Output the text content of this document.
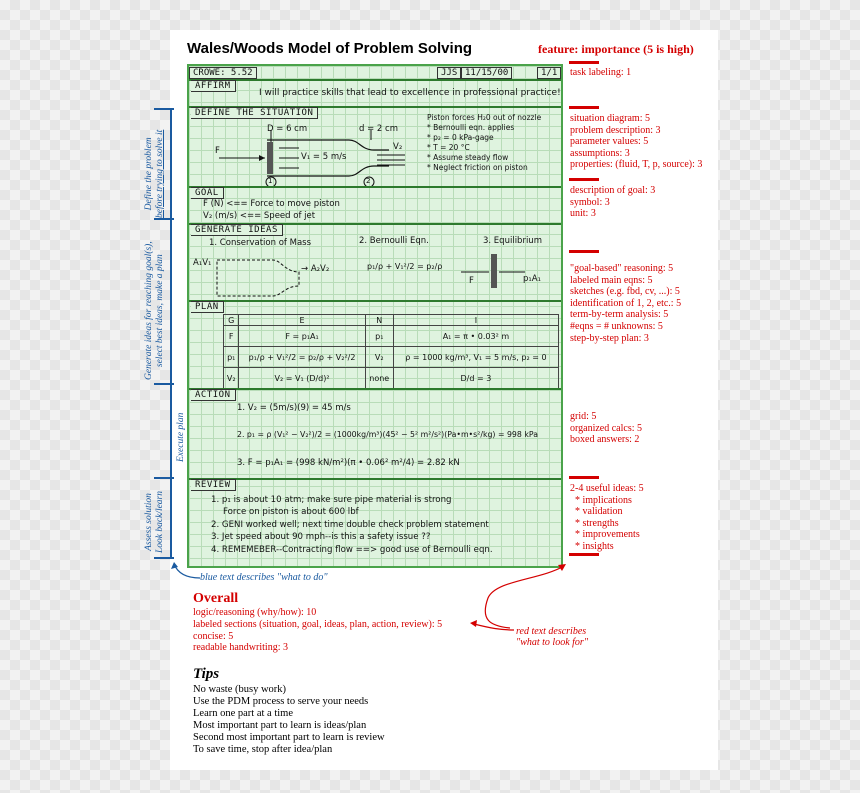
Wales/Woods Model of Problem Solving	feature: importance (5 is high)
CROWE: 5.52	JJS 11/15/00	1/1
AFFIRM
I will practice skills that lead to excellence in professional practice!
DEFINE THE SITUATION
D = 6 cm	d = 2 cm
F
V₁ = 5 m/s
V₂
1	2
Piston forces H₂0 out of nozzle
* Bernoulli eqn. applies
* p₂ = 0 kPa-gage
* T = 20 °C
* Assume steady flow
* Neglect friction on piston
GOAL
F (N) <== Force to move piston
V₂ (m/s) <== Speed of jet
GENERATE IDEAS
1. Conservation of Mass	2. Bernoulli Eqn.	3. Equilibrium
A₁V₁
→ A₂V₂	p₁/ρ + V₁²/2 = p₂/ρ
F	p₁A₁
PLAN
G	E	N	I
F	F = p₁A₁	p₁	A₁ = π • 0.03² m
p₁	p₁/ρ + V₁²/2 = p₂/ρ + V₂²/2	V₂	ρ = 1000 kg/m³, V₁ = 5 m/s, p₂ = 0
V₂	V₂ = V₁ (D/d)²	none	D/d = 3
ACTION
1. V₂ = (5m/s)(9) = 45 m/s
2. p₁ = ρ (V₁² − V₂²)/2 = (1000kg/m³)(45² − 5² m²/s²)(Pa•m•s²/kg) = 998 kPa
3. F = p₁A₁ = (998 kN/m²)(π • 0.06² m²/4) = 2.82 kN
REVIEW
1. p₁ is about 10 atm; make sure pipe material is strong
Force on piston is about 600 lbf
2. GENI worked well; next time double check problem statement
3. Jet speed about 90 mph--is this a safety issue ??
4. REMEMEBER--Contracting flow ==> good use of Bernoulli eqn.
task labeling: 1
situation diagram: 5
problem description: 3
parameter values: 5
assumptions: 3
properties: (fluid, T, p, source): 3
description of goal: 3
symbol: 3
unit: 3
"goal-based" reasoning: 5
labeled main eqns: 5
sketches (e.g. fbd, cv, ...): 5
identification of 1, 2, etc.: 5
term-by-term analysis: 5
#eqns = # unknowns: 5
step-by-step plan: 3
grid: 5
organized calcs: 5
boxed answers: 2
2-4 useful ideas: 5
* implications
* validation
* strengths
* improvements
* insights
Define the problem before trying to solve it
Generate ideas for reaching goal(s), select best ideas, make a plan
Execute plan
Assess solution Look back/learn
blue text describes "what to do"
red text describes
"what to look for"
Overall
logic/reasoning (why/how): 10
labeled sections (situation, goal, ideas, plan, action, review): 5
concise: 5
readable handwriting: 3
Tips
No waste (busy work)
Use the PDM process to serve your needs
Learn one part at a time
Most important part to learn is ideas/plan
Second most important part to learn is review
To save time, stop after idea/plan
